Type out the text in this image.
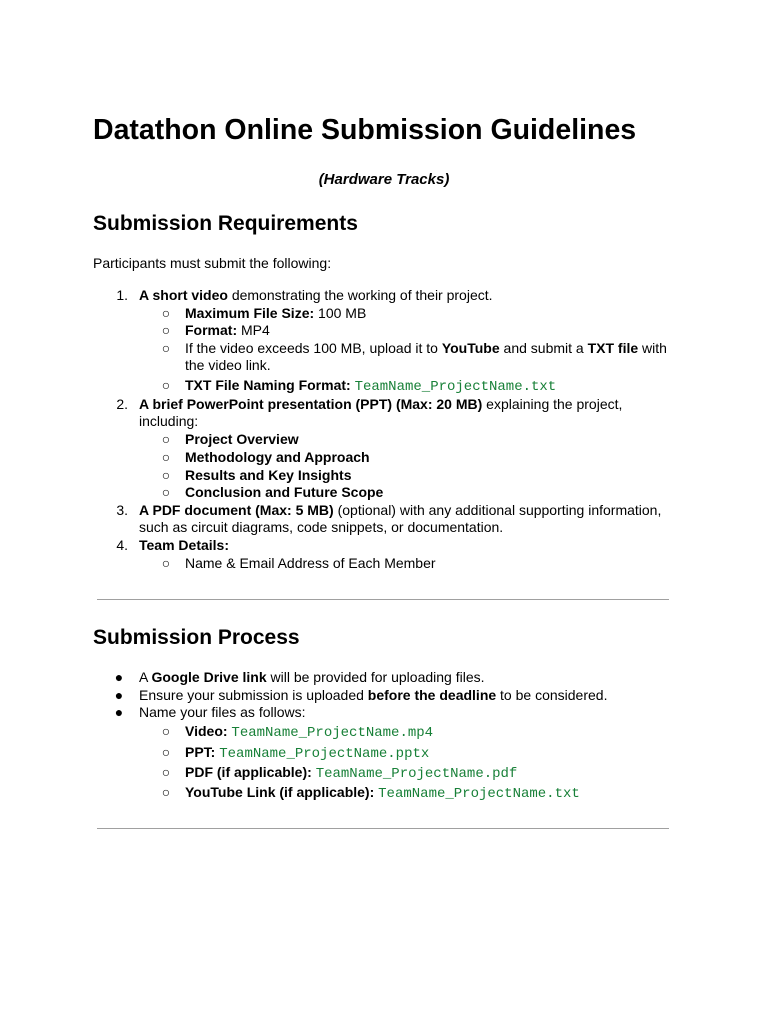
Datathon Online Submission Guidelines
(Hardware Tracks)
Submission Requirements
Participants must submit the following:
1. A short video demonstrating the working of their project.
○ Maximum File Size: 100 MB
○ Format: MP4
○ If the video exceeds 100 MB, upload it to YouTube and submit a TXT file with
the video link.
○ TXT File Naming Format: TeamName_ProjectName.txt
2. A brief PowerPoint presentation (PPT) (Max: 20 MB) explaining the project,
including:
○ Project Overview
○ Methodology and Approach
○ Results and Key Insights
○ Conclusion and Future Scope
3. A PDF document (Max: 5 MB) (optional) with any additional supporting information,
such as circuit diagrams, code snippets, or documentation.
4. Team Details:
○ Name & Email Address of Each Member
Submission Process
● A Google Drive link will be provided for uploading files.
● Ensure your submission is uploaded before the deadline to be considered.
● Name your files as follows:
○ Video: TeamName_ProjectName.mp4
○ PPT: TeamName_ProjectName.pptx
○ PDF (if applicable): TeamName_ProjectName.pdf
○ YouTube Link (if applicable): TeamName_ProjectName.txt
